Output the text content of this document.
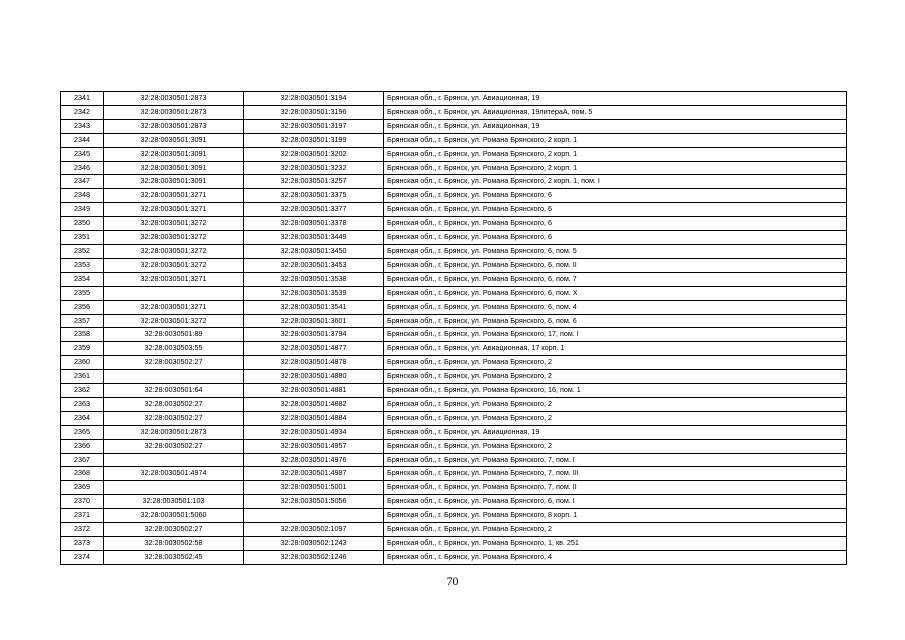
2341	32:28:0030501:2873	32:28:0030501:3194	Брянская обл., г. Брянск, ул. Авиационная, 19
2342	32:28:0030501:2873	32:28:0030501:3196	Брянская обл., г. Брянск, ул. Авиационная, 19литераА, пом. 5
2343	32:28:0030501:2873	32:28:0030501:3197	Брянская обл., г. Брянск, ул. Авиационная, 19
2344	32:28:0030501:3091	32:28:0030501:3199	Брянская обл., г. Брянск, ул. Романа Брянского, 2 корп. 1
2345	32:28:0030501:3091	32:28:0030501:3202	Брянская обл., г. Брянск, ул. Романа Брянского, 2 корп. 1
2346	32:28:0030501:3091	32:28:0030501:3232	Брянская обл., г. Брянск, ул. Романа Брянского, 2 корп. 1
2347	32:28:0030501:3091	32:28:0030501:3257	Брянская обл., г. Брянск, ул. Романа Брянского, 2 корп. 1, пом. I
2348	32:28:0030501:3271	32:28:0030501:3375	Брянская обл., г. Брянск, ул. Романа Брянского, 6
2349	32:28:0030501:3271	32:28:0030501:3377	Брянская обл., г. Брянск, ул. Романа Брянского, 6
2350	32:28:0030501:3272	32:28:0030501:3378	Брянская обл., г. Брянск, ул. Романа Брянского, 6
2351	32:28:0030501:3272	32:28:0030501:3449	Брянская обл., г. Брянск, ул. Романа Брянского, 6
2352	32:28:0030501:3272	32:28:0030501:3450	Брянская обл., г. Брянск, ул. Романа Брянского, 6, пом. 5
2353	32:28:0030501:3272	32:28:0030501:3453	Брянская обл., г. Брянск, ул. Романа Брянского, 6, пом. II
2354	32:28:0030501:3271	32:28:0030501:3538	Брянская обл., г. Брянск, ул. Романа Брянского, 6, пом. 7
2355		32:28:0030501:3539	Брянская обл., г. Брянск, ул. Романа Брянского, 6, пом. X
2356	32:28:0030501:3271	32:28:0030501:3541	Брянская обл., г. Брянск, ул. Романа Брянского, 6, пом. 4
2357	32:28:0030501:3272	32:28:0030501:3601	Брянская обл., г. Брянск, ул. Романа Брянского, 6, пом. 6
2358	32:28:0030501:89	32:28:0030501:3794	Брянская обл., г. Брянск, ул. Романа Брянского, 17, пом. I
2359	32:28:0030503:55	32:28:0030501:4877	Брянская обл., г. Брянск, ул. Авиационная, 17 корп. 1
2360	32:28:0030502:27	32:28:0030501:4878	Брянская обл., г. Брянск, ул. Романа Брянского, 2
2361		32:28:0030501:4880	Брянская обл., г. Брянск, ул. Романа Брянского, 2
2362	32:28:0030501:64	32:28:0030501:4881	Брянская обл., г. Брянск, ул. Романа Брянского, 16, пом. 1
2363	32:28:0030502:27	32:28:0030501:4882	Брянская обл., г. Брянск, ул. Романа Брянского, 2
2364	32:28:0030502:27	32:28:0030501:4884	Брянская обл., г. Брянск, ул. Романа Брянского, 2
2365	32:28:0030501:2873	32:28:0030501:4934	Брянская обл., г. Брянск, ул. Авиационная, 19
2366	32:28:0030502:27	32:28:0030501:4957	Брянская обл., г. Брянск, ул. Романа Брянского, 2
2367		32:28:0030501:4976	Брянская обл., г. Брянск, ул. Романа Брянского, 7, пом. I
2368	32:28:0030501:4974	32:28:0030501:4987	Брянская обл., г. Брянск, ул. Романа Брянского, 7, пом. III
2369		32:28:0030501:5001	Брянская обл., г. Брянск, ул. Романа Брянского, 7, пом. II
2370	32:28:0030501:103	32:28:0030501:5056	Брянская обл., г. Брянск, ул. Романа Брянского, 6, пом. I
2371	32:28:0030501:5060		Брянская обл., г. Брянск, ул. Романа Брянского, 8 корп. 1
2372	32:28:0030502:27	32:28:0030502:1097	Брянская обл., г. Брянск, ул. Романа Брянского, 2
2373	32:28:0030502:58	32:28:0030502:1243	Брянская обл., г. Брянск, ул. Романа Брянского, 1, кв. 251
2374	32:28:0030502:45	32:28:0030502:1246	Брянская обл., г. Брянск, ул. Романа Брянского, 4
70
